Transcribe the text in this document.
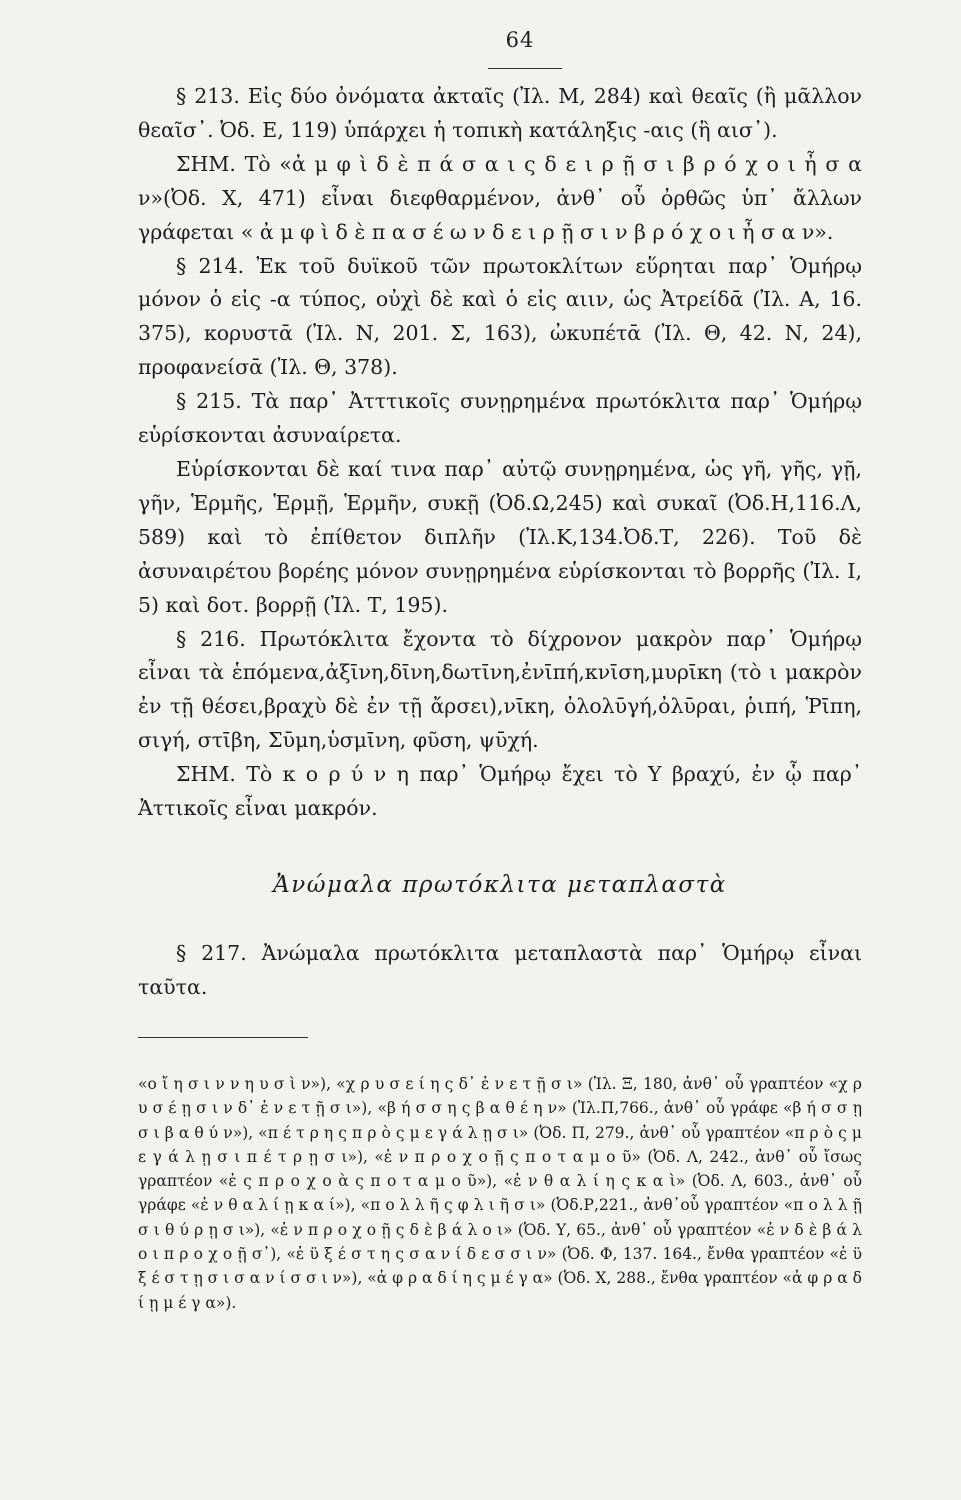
64

§ 213. Εἰς δύο ὀνόματα ἀκταῖς (Ἰλ. Μ, 284) καὶ θεαῖς (ἢ μᾶλλον θεαῖσ᾽. Ὀδ. Ε, 119) ὑπάρχει ἡ τοπικὴ κατάληξις -αις (ἢ αισ᾽).

ΣΗΜ. Τὸ «ἀ μ φ ὶ δ ὲ π ά σ α ι ς δ ε ι ρ ῇ σ ι β ρ ό χ ο ι ἦ σ α ν»(Ὀδ. Χ, 471) εἶναι διεφθαρμένον, ἀνθ᾽ οὗ ὀρθῶς ὑπ᾽ ἄλλων γράφεται « ἀ μ φ ὶ δ ὲ π α σ έ ω ν δ ε ι ρ ῇ σ ι ν β ρ ό χ ο ι ἦ σ α ν».

§ 214. Ἐκ τοῦ δυϊκοῦ τῶν πρωτοκλίτων εὕρηται παρ᾽ Ὁμήρῳ μόνον ὁ εἰς -α τύπος, οὐχὶ δὲ καὶ ὁ εἰς αιιν, ὡς Ἀτρείδᾱ (Ἰλ. Α, 16. 375), κορυστᾱ (Ἰλ. Ν, 201. Σ, 163), ὠκυπέτᾱ (Ἰλ. Θ, 42. Ν, 24), προφανείσᾱ (Ἰλ. Θ, 378).

§ 215. Τὰ παρ᾽ Ἀτττικοῖς συνῃρημένα πρωτόκλιτα παρ᾽ Ὁμήρῳ εὑρίσκονται ἀσυναίρετα.

Εὑρίσκονται δὲ καί τινα παρ᾽ αὐτῷ συνῃρημένα, ὡς γῆ, γῆς, γῇ, γῆν, Ἑρμῆς, Ἑρμῇ, Ἑρμῆν, συκῇ (Ὀδ.Ω,245) καὶ συκαῖ (Ὀδ.Η,116.Λ, 589) καὶ τὸ ἐπίθετον διπλῆν (Ἰλ.Κ,134.Ὀδ.Τ, 226). Τοῦ δὲ ἀσυναιρέτου βορέης μόνον συνῃρημένα εὑρίσκονται τὸ βορρῆς (Ἰλ. Ι, 5) καὶ δοτ. βορρῇ (Ἰλ. Τ, 195).

§ 216. Πρωτόκλιτα ἔχοντα τὸ δίχρονον μακρὸν παρ᾽ Ὁμήρῳ εἶναι τὰ ἑπόμενα,ἀξῑνη,δῑνη,δωτῑνη,ἐνῑπή,κνῑση,μυρῑκη (τὸ ι μακρὸν ἐν τῇ θέσει,βραχὺ δὲ ἐν τῇ ἄρσει),νῑκη, ὀλολῡγή,ὀλῡραι, ῥιπή, Ῥῑπη, σιγή, στῑβη, Σῡμη,ὑσμῑνη, φῦση, ψῡχή.

ΣΗΜ. Τὸ κ ο ρ ύ ν η παρ᾽ Ὁμήρῳ ἔχει τὸ Υ βραχύ, ἐν ᾧ παρ᾽ Ἀττικοῖς εἶναι μακρόν.

Ἀνώμαλα πρωτόκλιτα μεταπλαστὰ

§ 217. Ἀνώμαλα πρωτόκλιτα μεταπλαστὰ παρ᾽ Ὁμήρῳ εἶναι ταῦτα.

«ο ἴ η σ ι ν ν η υ σ ὶ ν»), «χ ρ υ σ ε ί η ς δ᾽ ἐ ν ε τ ῇ σ ι» (Ἰλ. Ξ, 180, ἀνθ᾽ οὗ γραπτέον «χ ρ υ σ έ ῃ σ ι ν δ᾽ ἐ ν ε τ ῇ σ ι»), «β ή σ σ η ς β α θ έ η ν» (Ἰλ.Π,766., ἀνθ᾽ οὗ γράφε «β ή σ σ ῃ σ ι β α θ ύ ν»), «π έ τ ρ η ς π ρ ὸ ς μ ε γ ά λ ῃ σ ι» (Ὀδ. Π, 279., ἀνθ᾽ οὗ γραπτέον «π ρ ὸ ς μ ε γ ά λ ῃ σ ι π έ τ ρ ῃ σ ι»), «ἐ ν π ρ ο χ ο ῇ ς π ο τ α μ ο ῦ» (Ὀδ. Λ, 242., ἀνθ᾽ οὗ ἴσως γραπτέον «ἐ ς π ρ ο χ ο ὰ ς π ο τ α μ ο ῦ»), «ἐ ν θ α λ ί η ς κ α ὶ» (Ὀδ. Λ, 603., ἀνθ᾽ οὗ γράφε «ἐ ν θ α λ ί ῃ κ α ί»), «π ο λ λ ῆ ς φ λ ι ῆ σ ι» (Ὀδ.Ρ,221., ἀνθ᾽οὗ γραπτέον «π ο λ λ ῇ σ ι θ ύ ρ ῃ σ ι»), «ἐ ν π ρ ο χ ο ῇ ς δ ὲ β ά λ ο ι» (Ὀδ. Υ, 65., ἀνθ᾽ οὗ γραπτέον «ἐ ν δ ὲ β ά λ ο ι π ρ ο χ ο ῇ σ᾽), «ἐ ϋ ξ έ σ τ η ς σ α ν ί δ ε σ σ ι ν» (Ὀδ. Φ, 137. 164., ἔνθα γραπτέον «ἐ ϋ ξ έ σ τ ῃ σ ι σ α ν ί σ σ ι ν»), «ἀ φ ρ α δ ί η ς μ έ γ α» (Ὀδ. Χ, 288., ἔνθα γραπτέον «ἀ φ ρ α δ ί ῃ μ έ γ α»).
